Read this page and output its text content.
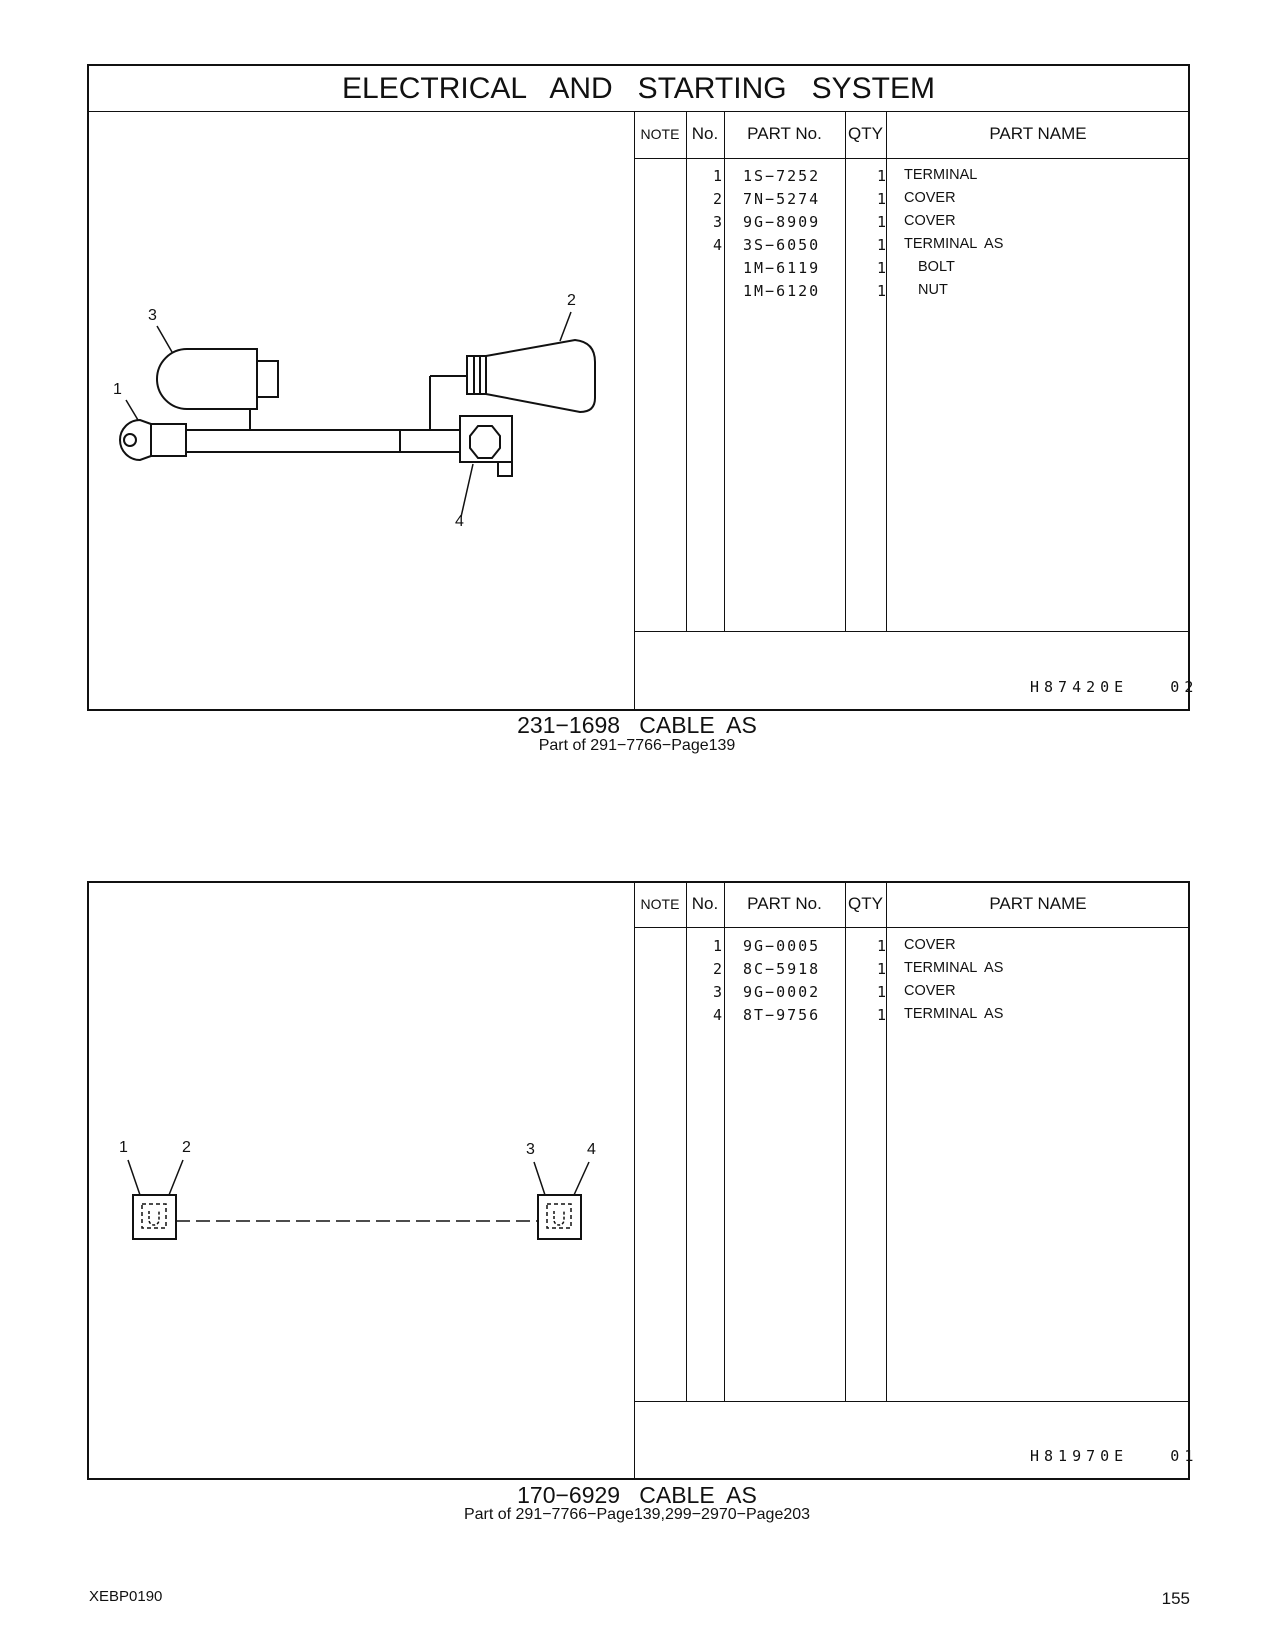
ELECTRICAL   AND   STARTING   SYSTEM
NOTE No.	PART No.	QTY	PART NAME
1 1S−7252	1 TERMINAL
2 7N−5274	1 COVER
3 9G−8909	1 COVER
4 3S−6050	1 TERMINAL  AS
1M−6119	1 BOLT
1M−6120	1 NUT
H87420E   02
1
3
2
4
231−1698   CABLE  AS
Part of 291−7766−Page139
NOTE No.	PART No.	QTY	PART NAME
1 9G−0005	1 COVER
2 8C−5918	1 TERMINAL  AS
3 9G−0002	1 COVER
4 8T−9756	1 TERMINAL  AS
H81970E   01
1	2	3	4
170−6929   CABLE  AS
Part of 291−7766−Page139,299−2970−Page203
XEBP0190	155
